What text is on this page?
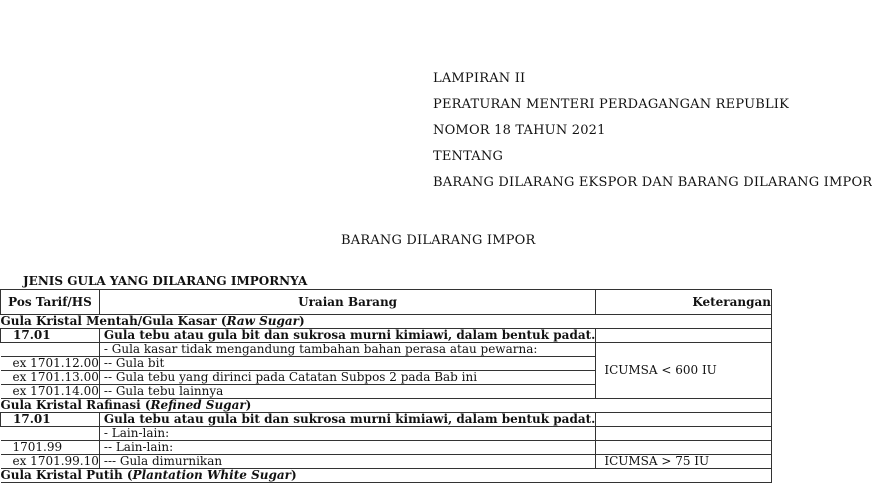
LAMPIRAN II
PERATURAN MENTERI PERDAGANGAN REPUBLIK
NOMOR 18 TAHUN 2021
TENTANG
BARANG DILARANG EKSPOR DAN BARANG DILARANG IMPOR
BARANG DILARANG IMPOR
JENIS GULA YANG DILARANG IMPORNYA
Pos Tarif/HS	Uraian Barang	Keterangan
Gula Kristal Mentah/Gula Kasar (Raw Sugar)		
17.01	Gula tebu atau gula bit dan sukrosa murni kimiawi, dalam bentuk padat.	
	- Gula kasar tidak mengandung tambahan bahan perasa atau pewarna:	ICUMSA < 600 IU
ex 1701.12.00	-- Gula bit	
ex 1701.13.00	-- Gula tebu yang dirinci pada Catatan Subpos 2 pada Bab ini	
ex 1701.14.00	-- Gula tebu lainnya	
Gula Kristal Rafinasi (Refined Sugar)		
17.01	Gula tebu atau gula bit dan sukrosa murni kimiawi, dalam bentuk padat.	
	- Lain-lain:	
1701.99	-- Lain-lain:	
ex 1701.99.10	--- Gula dimurnikan	ICUMSA > 75 IU
Gula Kristal Putih (Plantation White Sugar)		
